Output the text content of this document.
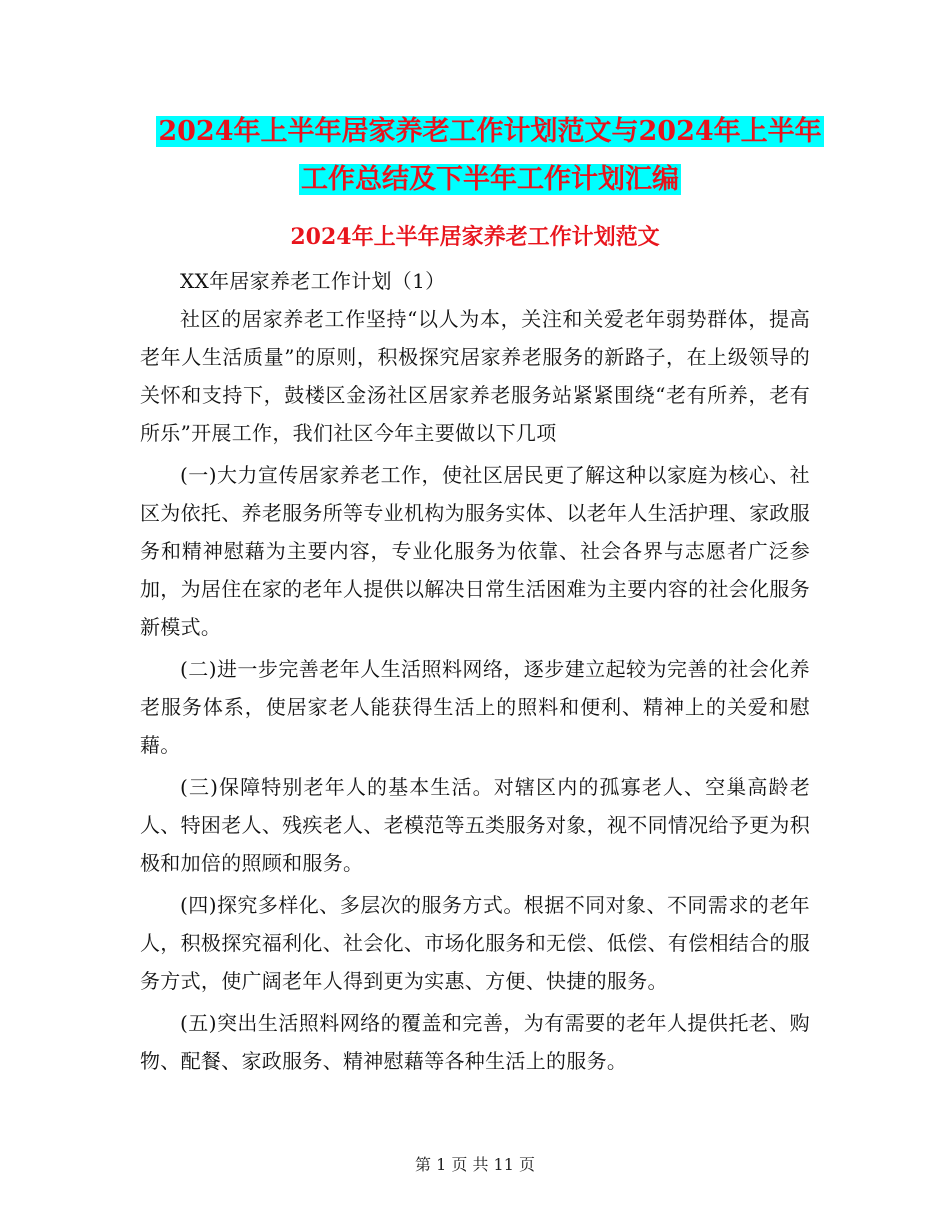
2024年上半年居家养老工作计划范文与2024年上半年
工作总结及下半年工作计划汇编
2024年上半年居家养老工作计划范文

XX年居家养老工作计划（1）

社区的居家养老工作坚持“以人为本，关注和关爱老年弱势群体，提高老年人生活质量”的原则，积极探究居家养老服务的新路子，在上级领导的关怀和支持下，鼓楼区金汤社区居家养老服务站紧紧围绕“老有所养，老有所乐”开展工作，我们社区今年主要做以下几项

(一)大力宣传居家养老工作，使社区居民更了解这种以家庭为核心、社区为依托、养老服务所等专业机构为服务实体、以老年人生活护理、家政服务和精神慰藉为主要内容，专业化服务为依靠、社会各界与志愿者广泛参加，为居住在家的老年人提供以解决日常生活困难为主要内容的社会化服务新模式。

(二)进一步完善老年人生活照料网络，逐步建立起较为完善的社会化养老服务体系，使居家老人能获得生活上的照料和便利、精神上的关爱和慰藉。

(三)保障特别老年人的基本生活。对辖区内的孤寡老人、空巢高龄老人、特困老人、残疾老人、老模范等五类服务对象，视不同情况给予更为积极和加倍的照顾和服务。

(四)探究多样化、多层次的服务方式。根据不同对象、不同需求的老年人，积极探究福利化、社会化、市场化服务和无偿、低偿、有偿相结合的服务方式，使广阔老年人得到更为实惠、方便、快捷的服务。

(五)突出生活照料网络的覆盖和完善，为有需要的老年人提供托老、购物、配餐、家政服务、精神慰藉等各种生活上的服务。

第 1 页 共 11 页
